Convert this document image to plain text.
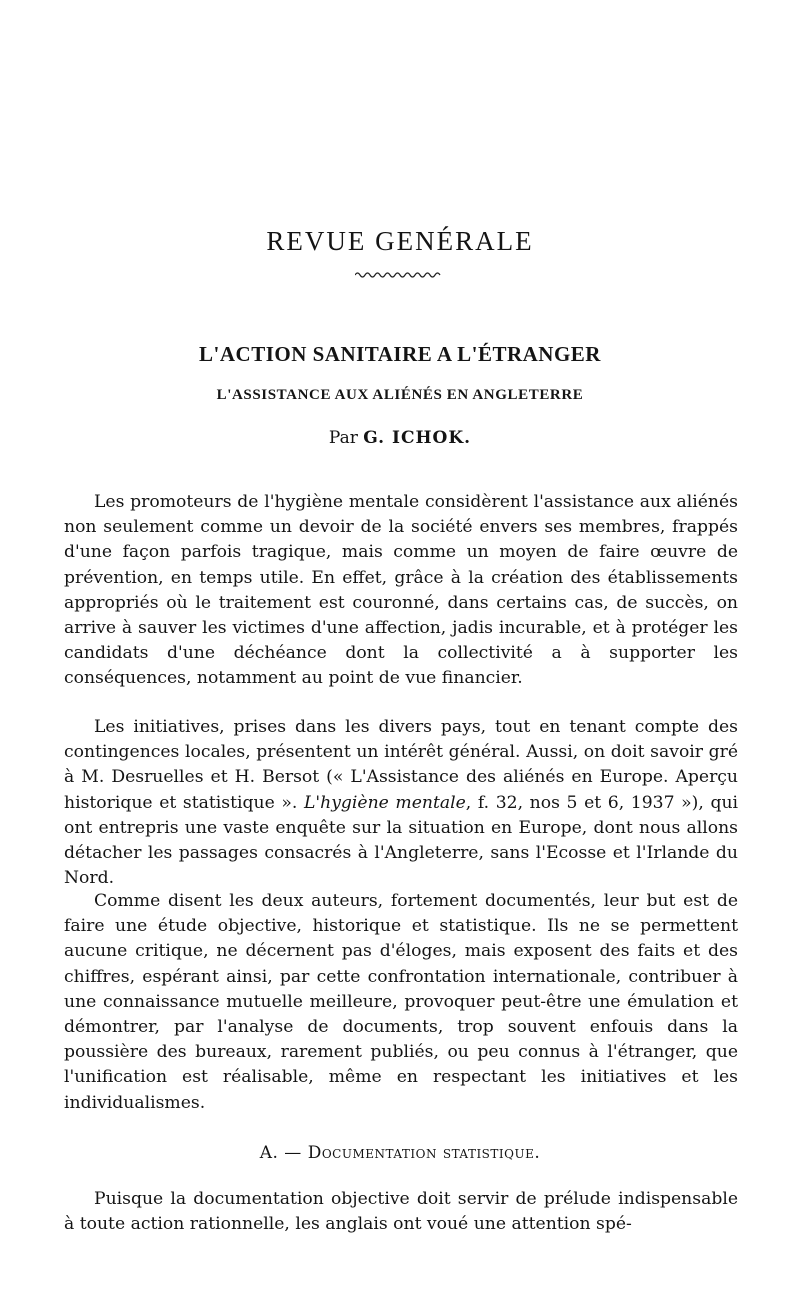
REVUE GENÉRALE
L'ACTION SANITAIRE A L'ÉTRANGER
L'ASSISTANCE AUX ALIÉNÉS EN ANGLETERRE
Par G. ICHOK.

Les promoteurs de l'hygiène mentale considèrent l'assistance aux aliénés non seulement comme un devoir de la société envers ses membres, frappés d'une façon parfois tragique, mais comme un moyen de faire œuvre de prévention, en temps utile. En effet, grâce à la création des établissements appropriés où le traitement est couronné, dans certains cas, de succès, on arrive à sauver les victimes d'une affection, jadis incurable, et à protéger les candidats d'une déchéance dont la collectivité a à supporter les conséquences, notamment au point de vue financier.

Les initiatives, prises dans les divers pays, tout en tenant compte des contingences locales, présentent un intérêt général. Aussi, on doit savoir gré à M. Desruelles et H. Bersot (« L'Assistance des aliénés en Europe. Aperçu historique et statistique ». L'hygiène mentale, f. 32, nos 5 et 6, 1937 »), qui ont entrepris une vaste enquête sur la situation en Europe, dont nous allons détacher les passages consacrés à l'Angleterre, sans l'Ecosse et l'Irlande du Nord.

Comme disent les deux auteurs, fortement documentés, leur but est de faire une étude objective, historique et statistique. Ils ne se permettent aucune critique, ne décernent pas d'éloges, mais exposent des faits et des chiffres, espérant ainsi, par cette confrontation internationale, contribuer à une connaissance mutuelle meilleure, provoquer peut-être une émulation et démontrer, par l'analyse de documents, trop souvent enfouis dans la poussière des bureaux, rarement publiés, ou peu connus à l'étranger, que l'unification est réalisable, même en respectant les initiatives et les individualismes.

A. — Documentation statistique.

Puisque la documentation objective doit servir de prélude indispensable à toute action rationnelle, les anglais ont voué une attention spé-
